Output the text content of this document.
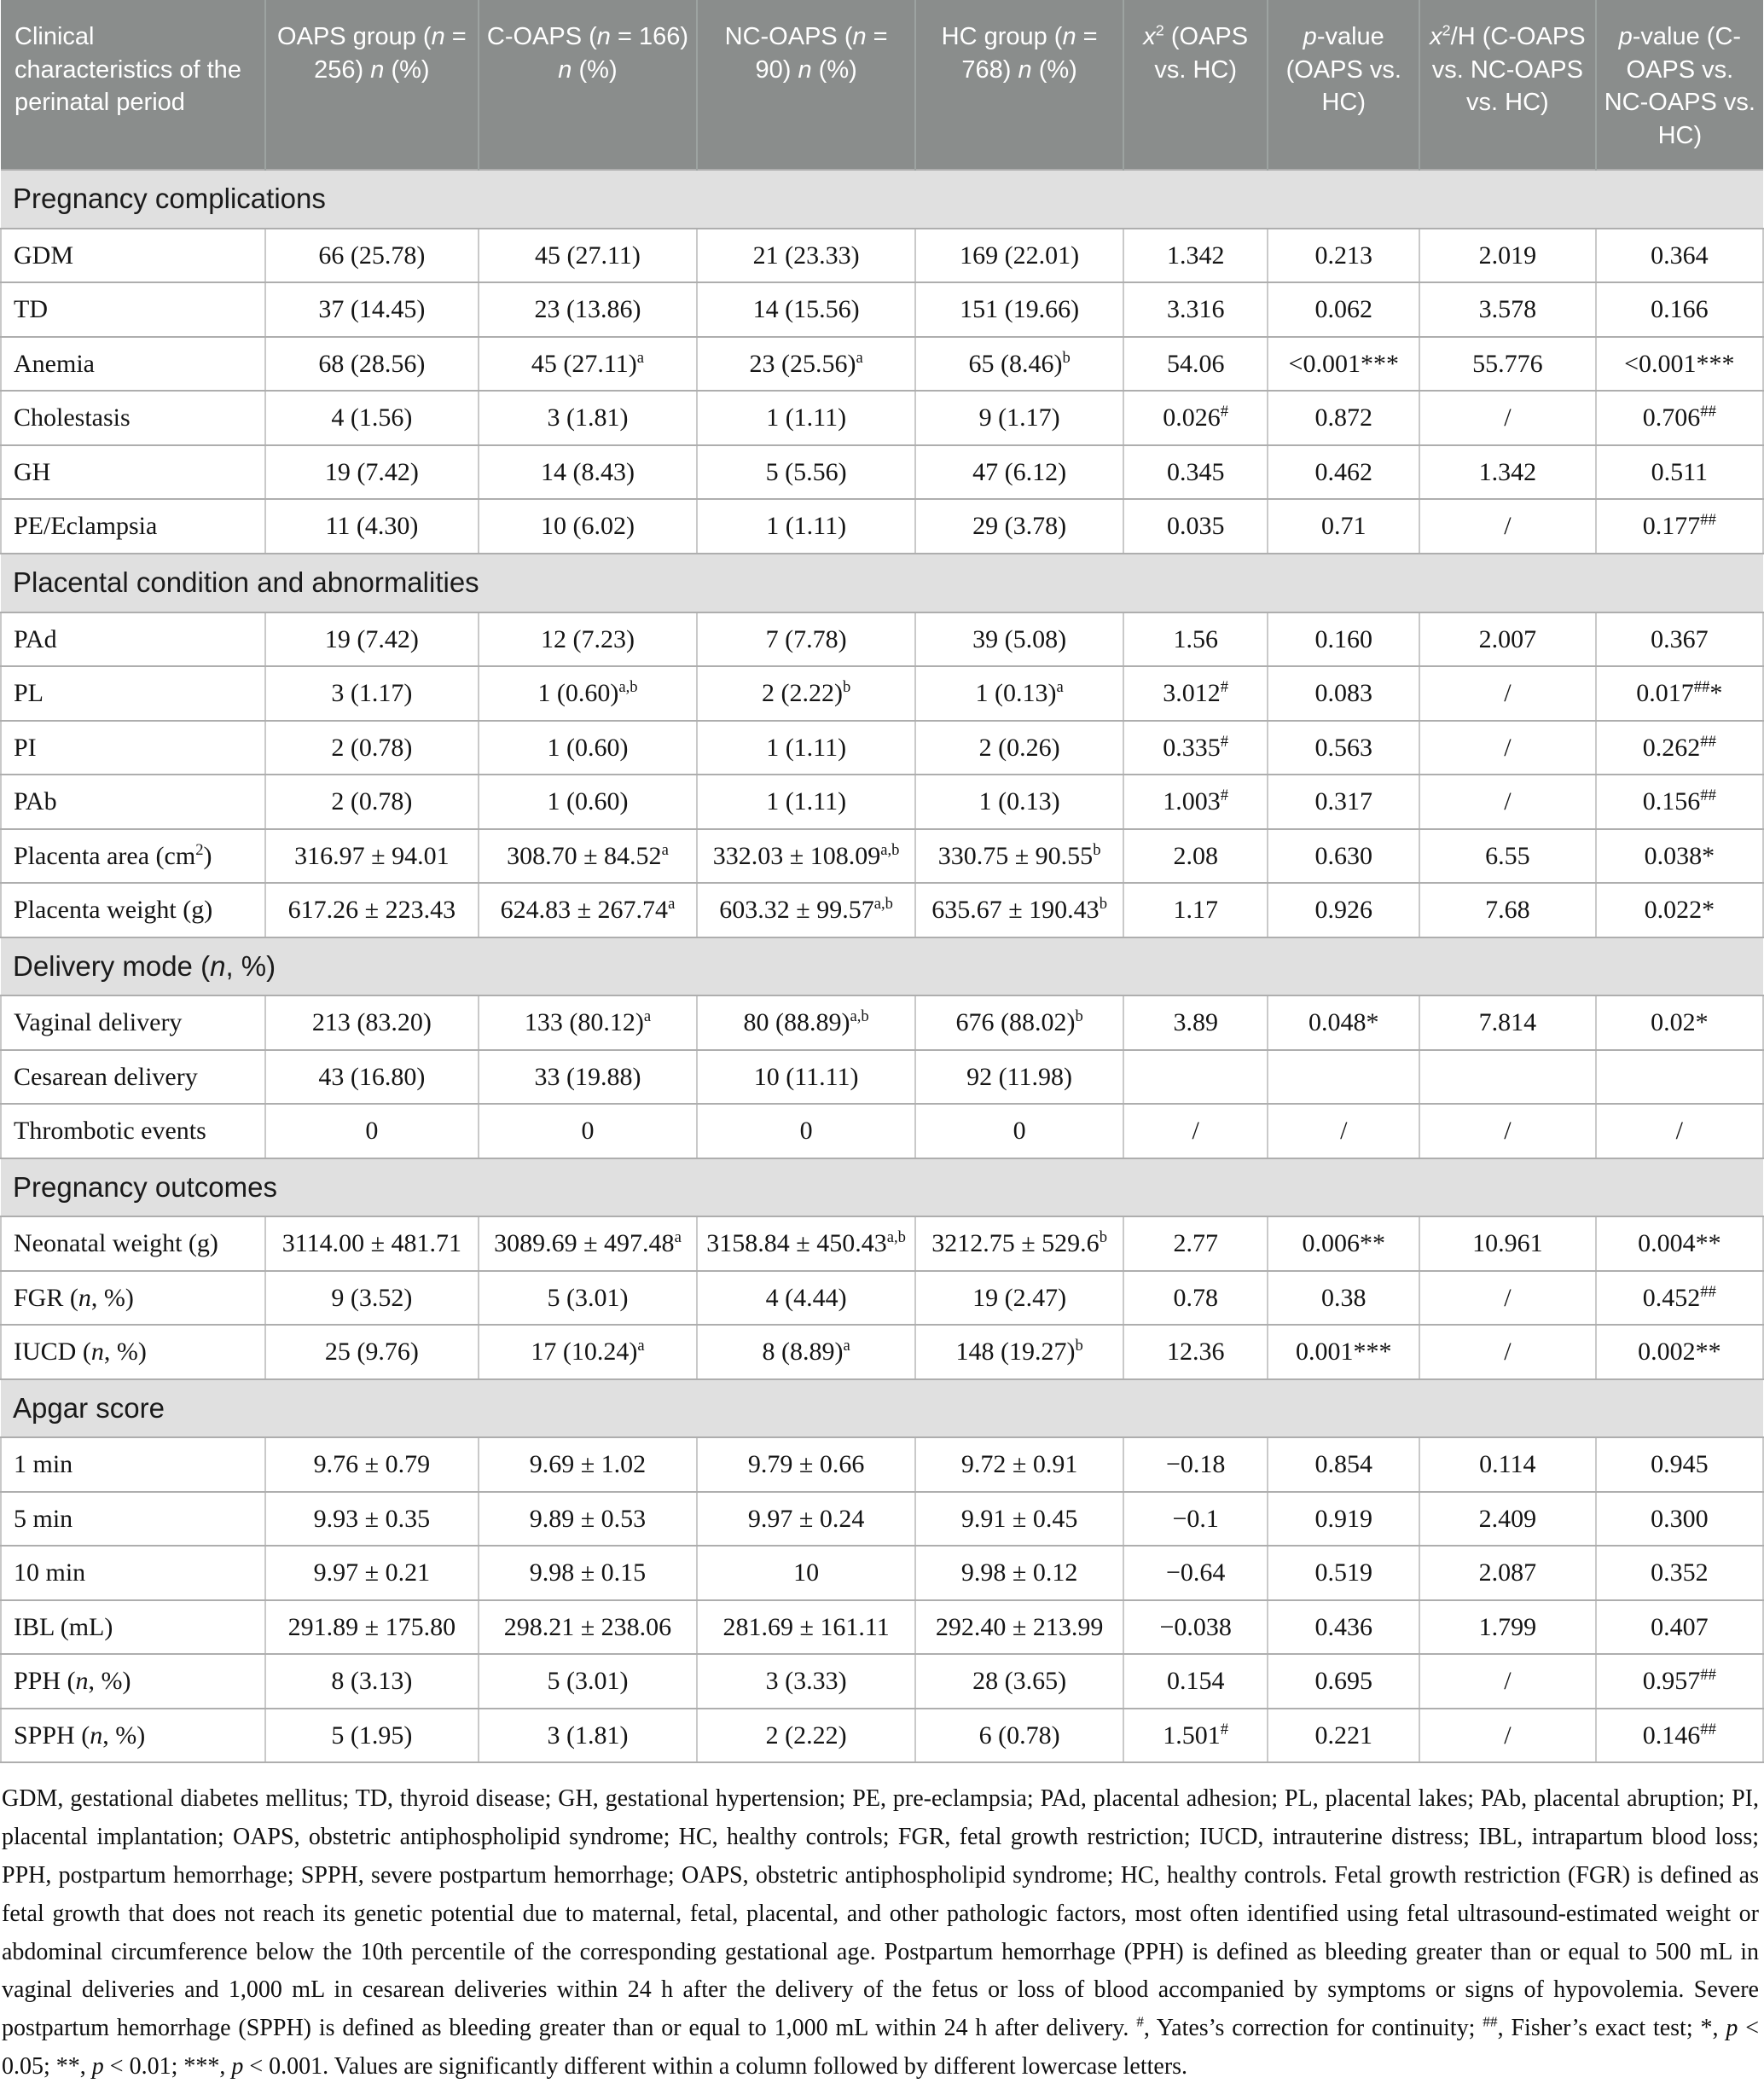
Clinical characteristics of the perinatal period	OAPS group (n = 256) n (%)	C-OAPS (n = 166) n (%)	NC-OAPS (n = 90) n (%)	HC group (n = 768) n (%)	$x^2$ (OAPS vs. HC)	p-value (OAPS vs. HC)	$x^2/H$ (C-OAPS vs. NC-OAPS vs. HC)	p-value (C-OAPS vs. NC-OAPS vs. HC)
Pregnancy complications								
GDM	66 (25.78)	45 (27.11)	21 (23.33)	169 (22.01)	1.342	0.213	2.019	0.364
TD	37 (14.45)	23 (13.86)	14 (15.56)	151 (19.66)	3.316	0.062	3.578	0.166
Anemia	68 (28.56)	45 $(27.11)^a$	23 $(25.56)^a$	65 $(8.46)^b$	54.06	<0.001***	55.776	<0.001***
Cholestasis	4 (1.56)	3 (1.81)	1 (1.11)	9 (1.17)	0.026#	0.872	/	0.706##
GH	19 (7.42)	14 (8.43)	5 (5.56)	47 (6.12)	0.345	0.462	1.342	0.511
PE/Eclampsia	11 (4.30)	10 (6.02)	1 (1.11)	29 (3.78)	0.035	0.71	/	0.177##
Placental condition and abnormalities								
PAd	19 (7.42)	12 (7.23)	7 (7.78)	39 (5.08)	1.56	0.160	2.007	0.367
PL	3 (1.17)	1 $(0.60)^{a,b}$	2 $(2.22)^b$	1 $(0.13)^a$	3.012#	0.083	/	0.017##*
PI	2 (0.78)	1 (0.60)	1 (1.11)	2 (0.26)	0.335#	0.563	/	0.262##
PAb	2 (0.78)	1 (0.60)	1 (1.11)	1 (0.13)	1.003#	0.317	/	0.156##
Placenta area $(cm^2)$	316.97 ± 94.01	308.70 ± 84.52$^a$	$332.03 \pm 108.09^{a,b}$	330.75 ± 90.55$^b$	2.08	0.630	6.55	0.038*
Placenta weight (g)	617.26 ± 223.43	624.83 ± 267.74$^a$	$603.32 \pm 99.57^{a,b}$	635.67 ± 190.43$^b$	1.17	0.926	7.68	0.022*
Delivery mode (n, %)								
Vaginal delivery	213 (83.20)	133 $(80.12)^a$	80 $(88.89)^{a,b}$	676 $(88.02)^b$	3.89	0.048*	7.814	0.02*
Cesarean delivery	43 (16.80)	33 (19.88)	10 (11.11)	92 (11.98)				
Thrombotic events	0	0	0	0	/	/	/	/
Pregnancy outcomes								
Neonatal weight (g)	3114.00 ± 481.71	3089.69 ± 497.48$^a$	$3158.84 \pm 450.43^{a,b}$	3212.75 ± 529.6$^b$	2.77	0.006**	10.961	0.004**
FGR (n, %)	9 (3.52)	5 (3.01)	4 (4.44)	19 (2.47)	0.78	0.38	/	0.452##
IUCD (n, %)	25 (9.76)	17 $(10.24)^a$	8 $(8.89)^a$	148 $(19.27)^b$	12.36	0.001***	/	0.002**
Apgar score								
1 min	9.76 ± 0.79	9.69 ± 1.02	9.79 ± 0.66	9.72 ± 0.91	−0.18	0.854	0.114	0.945
5 min	9.93 ± 0.35	9.89 ± 0.53	9.97 ± 0.24	9.91 ± 0.45	−0.1	0.919	2.409	0.300
10 min	9.97 ± 0.21	9.98 ± 0.15	10	9.98 ± 0.12	−0.64	0.519	2.087	0.352
IBL (mL)	291.89 ± 175.80	298.21 ± 238.06	281.69 ± 161.11	292.40 ± 213.99	−0.038	0.436	1.799	0.407
PPH (n, %)	8 (3.13)	5 (3.01)	3 (3.33)	28 (3.65)	0.154	0.695	/	0.957##
SPPH (n, %)	5 (1.95)	3 (1.81)	2 (2.22)	6 (0.78)	1.501#	0.221	/	0.146##
GDM, gestational diabetes mellitus; TD, thyroid disease; GH, gestational hypertension; PE, pre-eclampsia; PAd, placental adhesion; PL, placental lakes; PAb, placental abruption; PI, placental implantation; OAPS, obstetric antiphospholipid syndrome; HC, healthy controls; FGR, fetal growth restriction; IUCD, intrauterine distress; IBL, intrapartum blood loss; PPH, postpartum hemorrhage; SPPH, severe postpartum hemorrhage; OAPS, obstetric antiphospholipid syndrome; HC, healthy controls. Fetal growth restriction (FGR) is defined as fetal growth that does not reach its genetic potential due to maternal, fetal, placental, and other pathologic factors, most often identified using fetal ultrasound-estimated weight or abdominal circumference below the 10th percentile of the corresponding gestational age. Postpartum hemorrhage (PPH) is defined as bleeding greater than or equal to 500 mL in vaginal deliveries and 1,000 mL in cesarean deliveries within 24 h after the delivery of the fetus or loss of blood accompanied by symptoms or signs of hypovolemia. Severe postpartum hemorrhage (SPPH) is defined as bleeding greater than or equal to 1,000 mL within 24 h after delivery. #, Yates’s correction for continuity; ##, Fisher’s exact test; *, p < 0.05; **, p < 0.01; ***, p < 0.001. Values are significantly different within a column followed by different lowercase letters.
